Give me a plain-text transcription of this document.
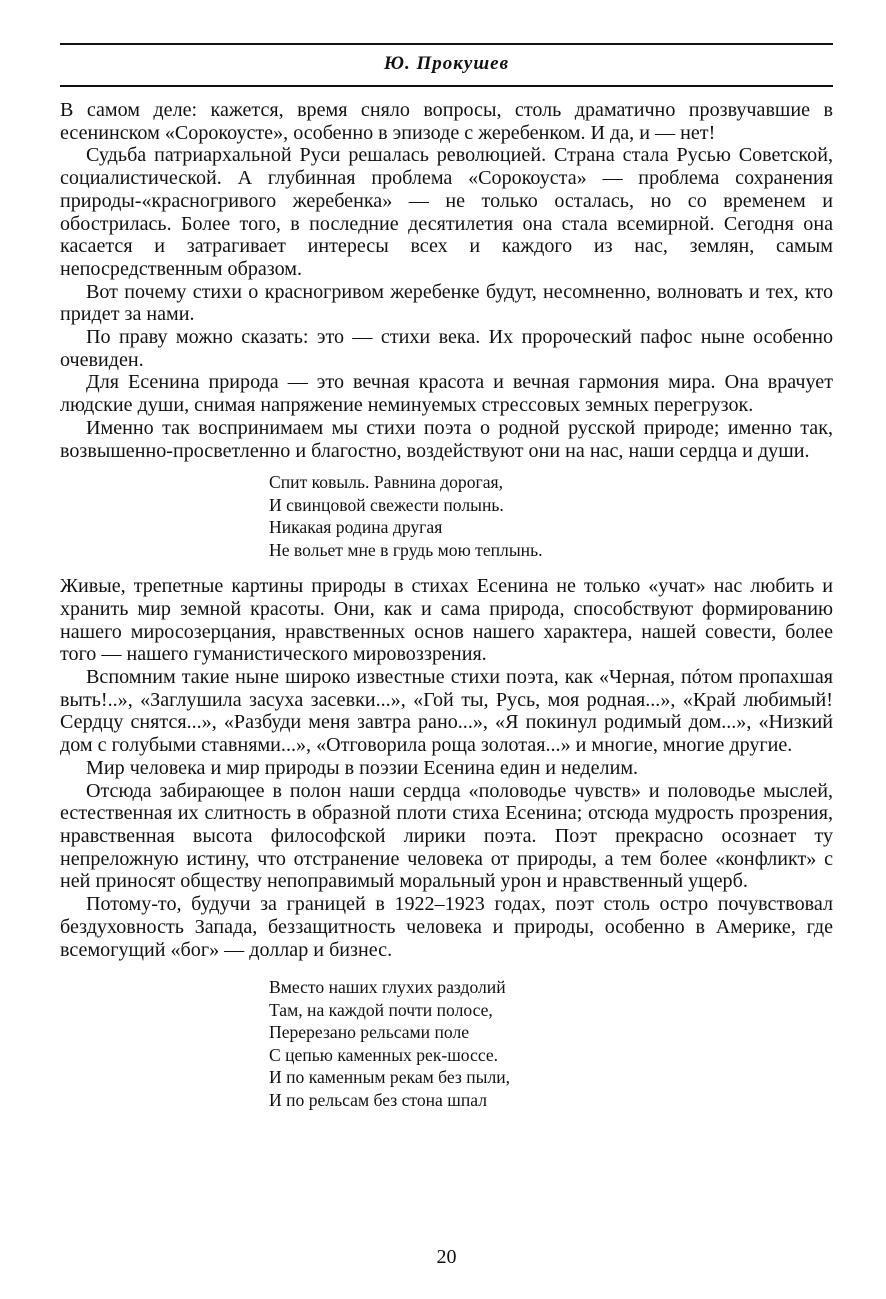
Ю. Прокушев

В самом деле: кажется, время сняло вопросы, столь драматично прозвучавшие в есенинском «Сорокоусте», особенно в эпизоде с жеребенком. И да, и — нет!

Судьба патриархальной Руси решалась революцией. Страна стала Русью Советской, социалистической. А глубинная проблема «Сорокоуста» — проблема сохранения природы-«красногривого жеребенка» — не только осталась, но со временем и обострилась. Более того, в последние десятилетия она стала всемирной. Сегодня она касается и затрагивает интересы всех и каждого из нас, землян, самым непосредственным образом.

Вот почему стихи о красногривом жеребенке будут, несомненно, волновать и тех, кто придет за нами.

По праву можно сказать: это — стихи века. Их пророческий пафос ныне особенно очевиден.

Для Есенина природа — это вечная красота и вечная гармония мира. Она врачует людские души, снимая напряжение неминуемых стрессовых земных перегрузок.

Именно так воспринимаем мы стихи поэта о родной русской природе; именно так, возвышенно-просветленно и благостно, воздействуют они на нас, наши сердца и души.

Спит ковыль. Равнина дорогая,
И свинцовой свежести полынь.
Никакая родина другая
Не вольет мне в грудь мою теплынь.

Живые, трепетные картины природы в стихах Есенина не только «учат» нас любить и хранить мир земной красоты. Они, как и сама природа, способствуют формированию нашего миросозерцания, нравственных основ нашего характера, нашей совести, более того — нашего гуманистического мировоззрения.

Вспомним такие ныне широко известные стихи поэта, как «Черная, пóтом пропахшая выть!..», «Заглушила засуха засевки...», «Гой ты, Русь, моя родная...», «Край любимый! Сердцу снятся...», «Разбуди меня завтра рано...», «Я покинул родимый дом...», «Низкий дом с голубыми ставнями...», «Отговорила роща золотая...» и многие, многие другие.

Мир человека и мир природы в поэзии Есенина един и неделим.

Отсюда забирающее в полон наши сердца «половодье чувств» и половодье мыслей, естественная их слитность в образной плоти стиха Есенина; отсюда мудрость прозрения, нравственная высота философской лирики поэта. Поэт прекрасно осознает ту непреложную истину, что отстранение человека от природы, а тем более «конфликт» с ней приносят обществу непоправимый моральный урон и нравственный ущерб.

Потому-то, будучи за границей в 1922–1923 годах, поэт столь остро почувствовал бездуховность Запада, беззащитность человека и природы, особенно в Америке, где всемогущий «бог» — доллар и бизнес.

Вместо наших глухих раздолий
Там, на каждой почти полосе,
Перерезано рельсами поле
С цепью каменных рек-шоссе.
И по каменным рекам без пыли,
И по рельсам без стона шпал
20
